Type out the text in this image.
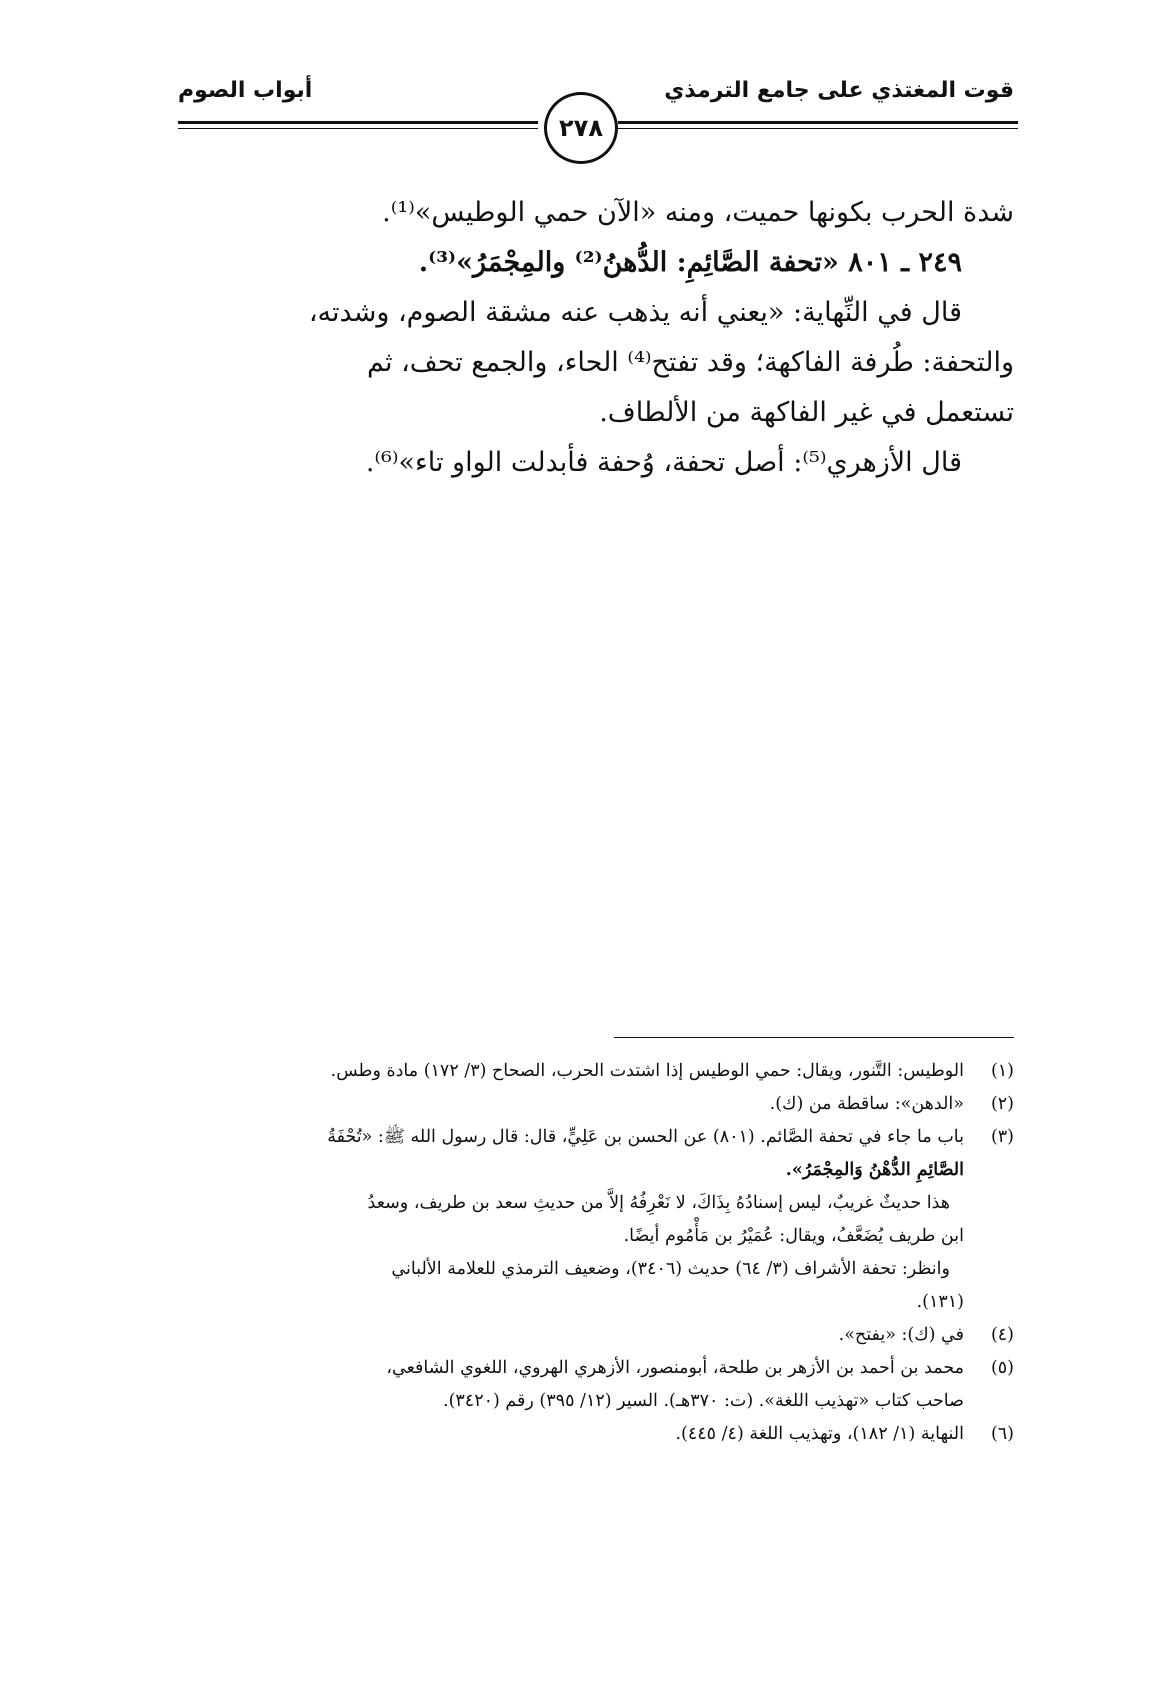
قوت المغتذي على جامع الترمذي
أبواب الصوم
٢٧٨

شدة الحرب بكونها حميت، ومنه «الآن حمي الوطيس»⁽¹⁾.

٢٤٩ ـ ٨٠١ «تحفة الصَّائِمِ: الدُّهنُ⁽²⁾ والمِجْمَرُ»⁽³⁾.

قال في النِّهاية: «يعني أنه يذهب عنه مشقة الصوم، وشدته،

والتحفة: طُرفة الفاكهة؛ وقد تفتح⁽⁴⁾ الحاء، والجمع تحف، ثم

تستعمل في غير الفاكهة من الألطاف.

قال الأزهري⁽⁵⁾: أصل تحفة، وُحفة فأبدلت الواو تاء»⁽⁶⁾.

(١)
الوطيس: التَّنور، ويقال: حمي الوطيس إذا اشتدت الحرب، الصحاح (٣/ ١٧٢) مادة وطس.
(٢)
«الدهن»: ساقطة من (ك).
(٣)
باب ما جاء في تحفة الصَّائم. (٨٠١) عن الحسن بن عَلِيٍّ، قال: قال رسول الله ﷺ: «تُحْفَةُ
الصَّائِمِ الدُّهْنُ وَالمِجْمَرُ».
هذا حديثٌ غريبٌ، ليس إسنادُهُ بِذَاكَ، لا نَعْرِفُهُ إلاَّ من حديثِ سعد بن طريف، وسعدُ
ابن طريف يُضَعَّفُ، ويقال: عُمَيْرُ بن مَأْمُوم أيضًا.
وانظر: تحفة الأشراف (٣/ ٦٤) حديث (٣٤٠٦)، وضعيف الترمذي للعلامة الألباني
(١٣١).
(٤)
في (ك): «يفتح».
(٥)
محمد بن أحمد بن الأزهر بن طلحة، أبومنصور، الأزهري الهروي، اللغوي الشافعي،
صاحب كتاب «تهذيب اللغة». (ت: ٣٧٠هـ). السير (١٢/ ٣٩٥) رقم (٣٤٢٠).
(٦)
النهاية (١/ ١٨٢)، وتهذيب اللغة (٤/ ٤٤٥).
